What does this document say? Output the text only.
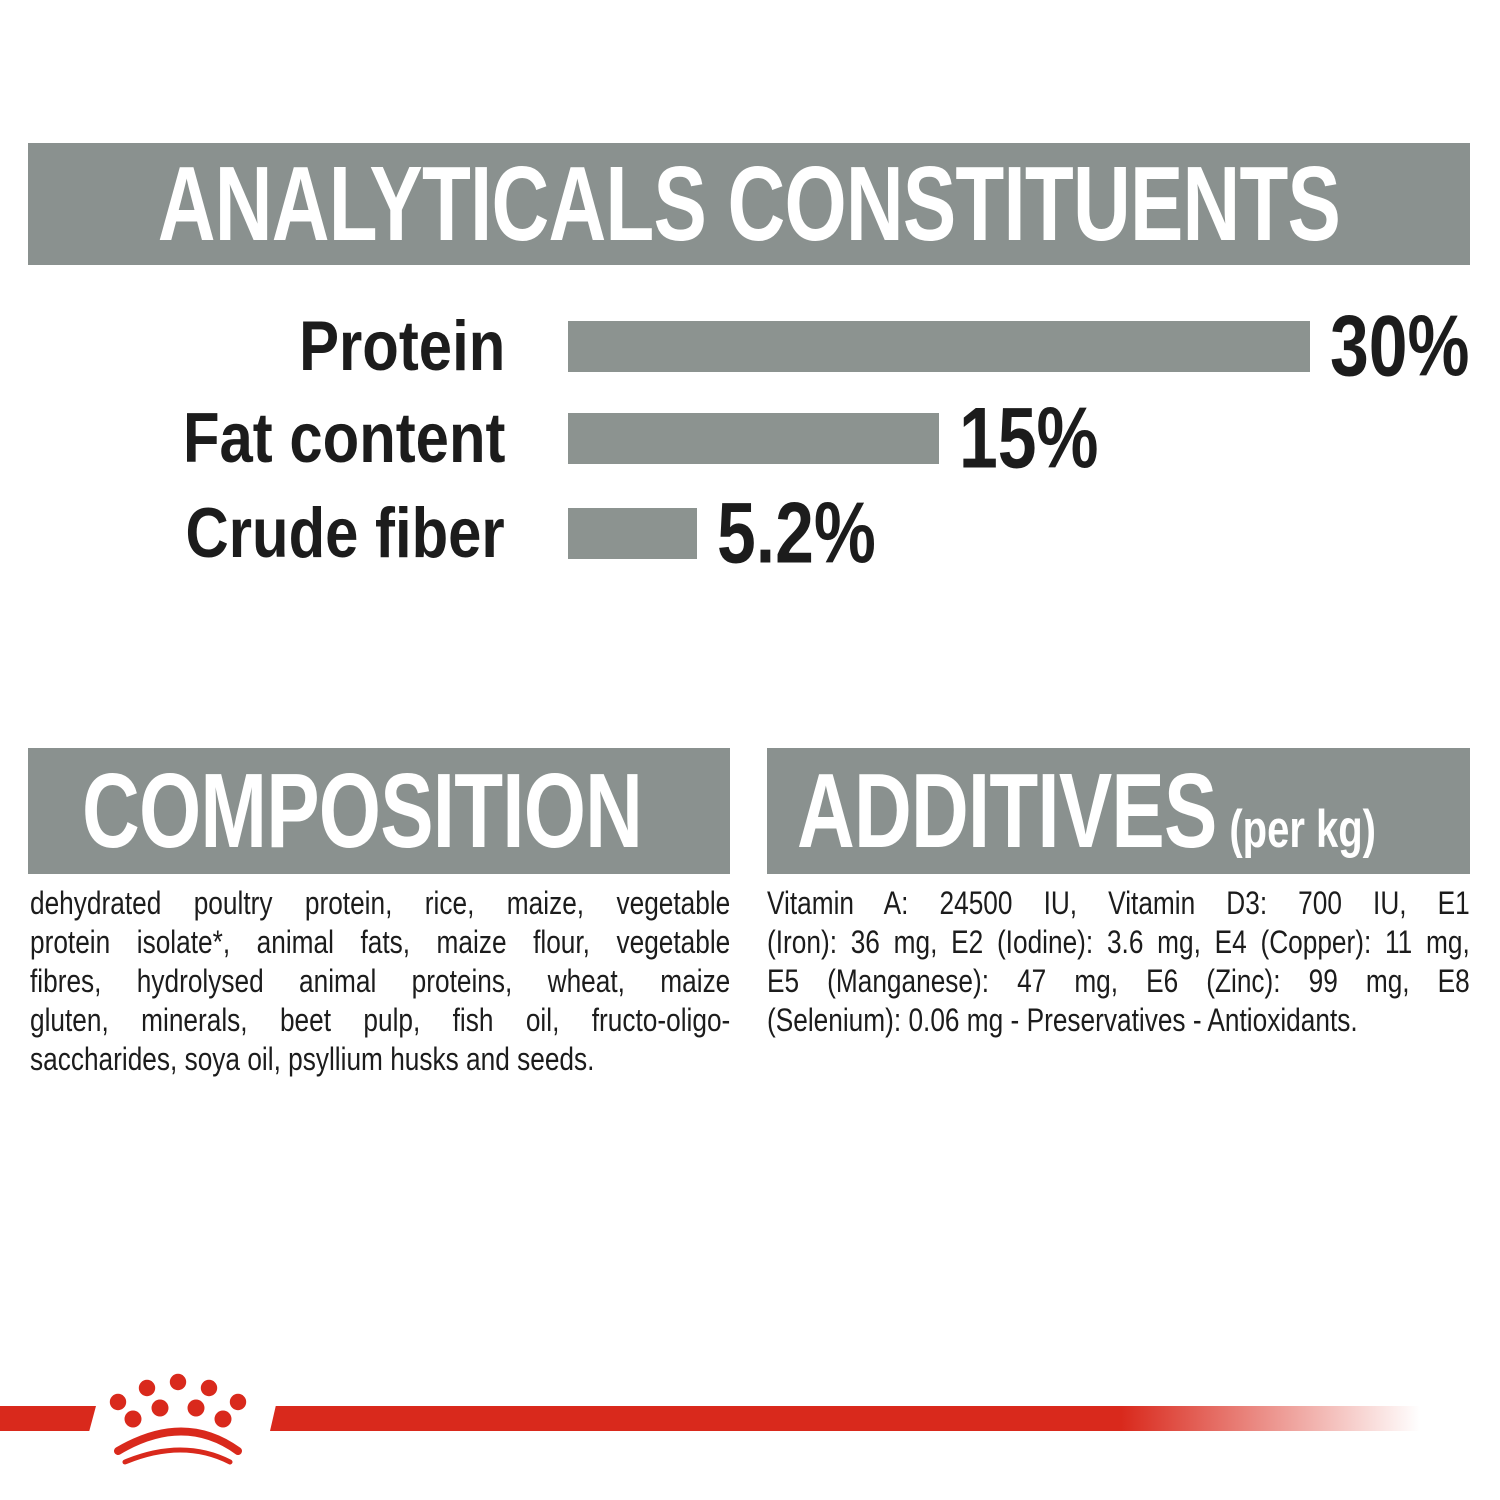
ANALYTICALS CONSTITUENTS
Protein	30%
Fat content	15%
Crude fiber	5.2%
COMPOSITION
dehydrated poultry protein, rice, maize, vegetable
protein isolate*, animal fats, maize flour, vegetable
fibres, hydrolysed animal proteins, wheat, maize
gluten, minerals, beet pulp, fish oil, fructo-oligo-
saccharides, soya oil, psyllium husks and seeds.
ADDITIVES (per kg)
Vitamin A: 24500 IU, Vitamin D3: 700 IU, E1
(Iron): 36 mg, E2 (Iodine): 3.6 mg, E4 (Copper): 11 mg,
E5 (Manganese): 47 mg, E6 (Zinc): 99 mg, E8
(Selenium): 0.06 mg - Preservatives - Antioxidants.
